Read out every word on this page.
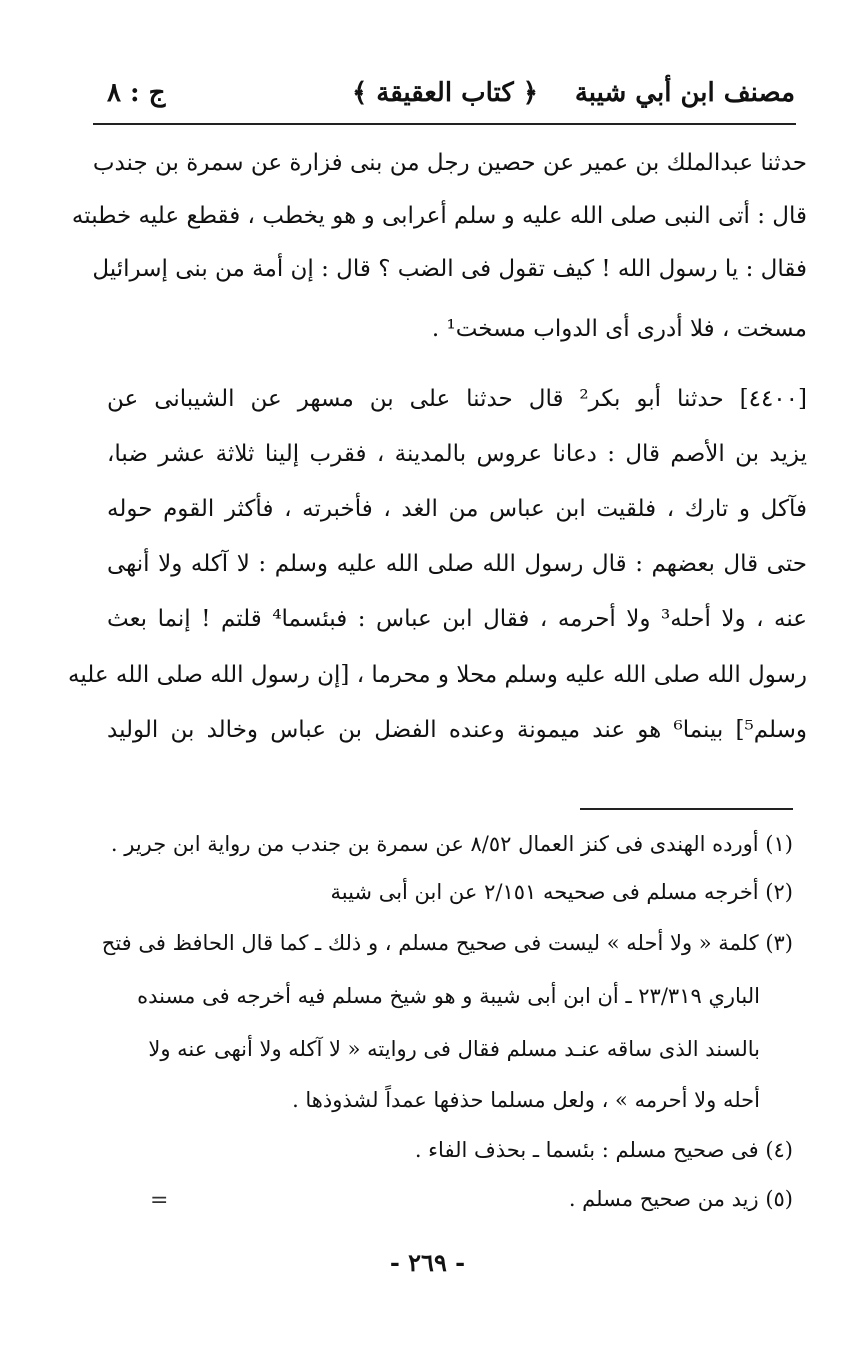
مصنف ابن أبي شيبة
﴿ كتاب العقيقة ﴾
ج : ٨
حدثنا عبدالملك بن عمير عن حصين رجل من بنى فزارة عن سمرة بن جندب
قال : أتى النبى صلى الله عليه و سلم أعرابى و هو يخطب ، فقطع عليه خطبته
فقال : يا رسول الله ! كيف تقول فى الضب ؟ قال : إن أمة من بنى إسرائيل
مسخت ، فلا أدرى أى الدواب مسخت¹ .
[٤٤٠٠] حدثنا أبو بكر² قال حدثنا على بن مسهر عن الشيبانى عن
يزيد بن الأصم قال : دعانا عروس بالمدينة ، فقرب إلينا ثلاثة عشر ضبا،
فآكل و تارك ، فلقيت ابن عباس من الغد ، فأخبرته ، فأكثر القوم حوله
حتى قال بعضهم : قال رسول الله صلى الله عليه وسلم : لا آكله ولا أنهى
عنه ، ولا أحله³ ولا أحرمه ، فقال ابن عباس : فبئسما⁴ قلتم ! إنما بعث
رسول الله صلى الله عليه وسلم محلا و محرما ، [إن رسول الله صلى الله عليه
وسلم⁵] بينما⁶ هو عند ميمونة وعنده الفضل بن عباس وخالد بن الوليد
(١) أورده الهندى فى كنز العمال ٨/٥٢ عن سمرة بن جندب من رواية ابن جرير .
(٢) أخرجه مسلم فى صحيحه ٢/١٥١ عن ابن أبى شيبة
(٣) كلمة « ولا أحله » ليست فى صحيح مسلم ، و ذلك ـ كما قال الحافظ فى فتح
الباري ٢٣/٣١٩ ـ أن ابن أبى شيبة و هو شيخ مسلم فيه أخرجه فى مسنده
بالسند الذى ساقه عنـد مسلم فقال فى روايته « لا آكله ولا أنهى عنه ولا
أحله ولا أحرمه » ، ولعل مسلما حذفها عمداً لشذوذها .
(٤) فى صحيح مسلم : بئسما ـ بحذف الفاء .
(٥) زيد من صحيح مسلم .
=
- ٢٦٩ -
